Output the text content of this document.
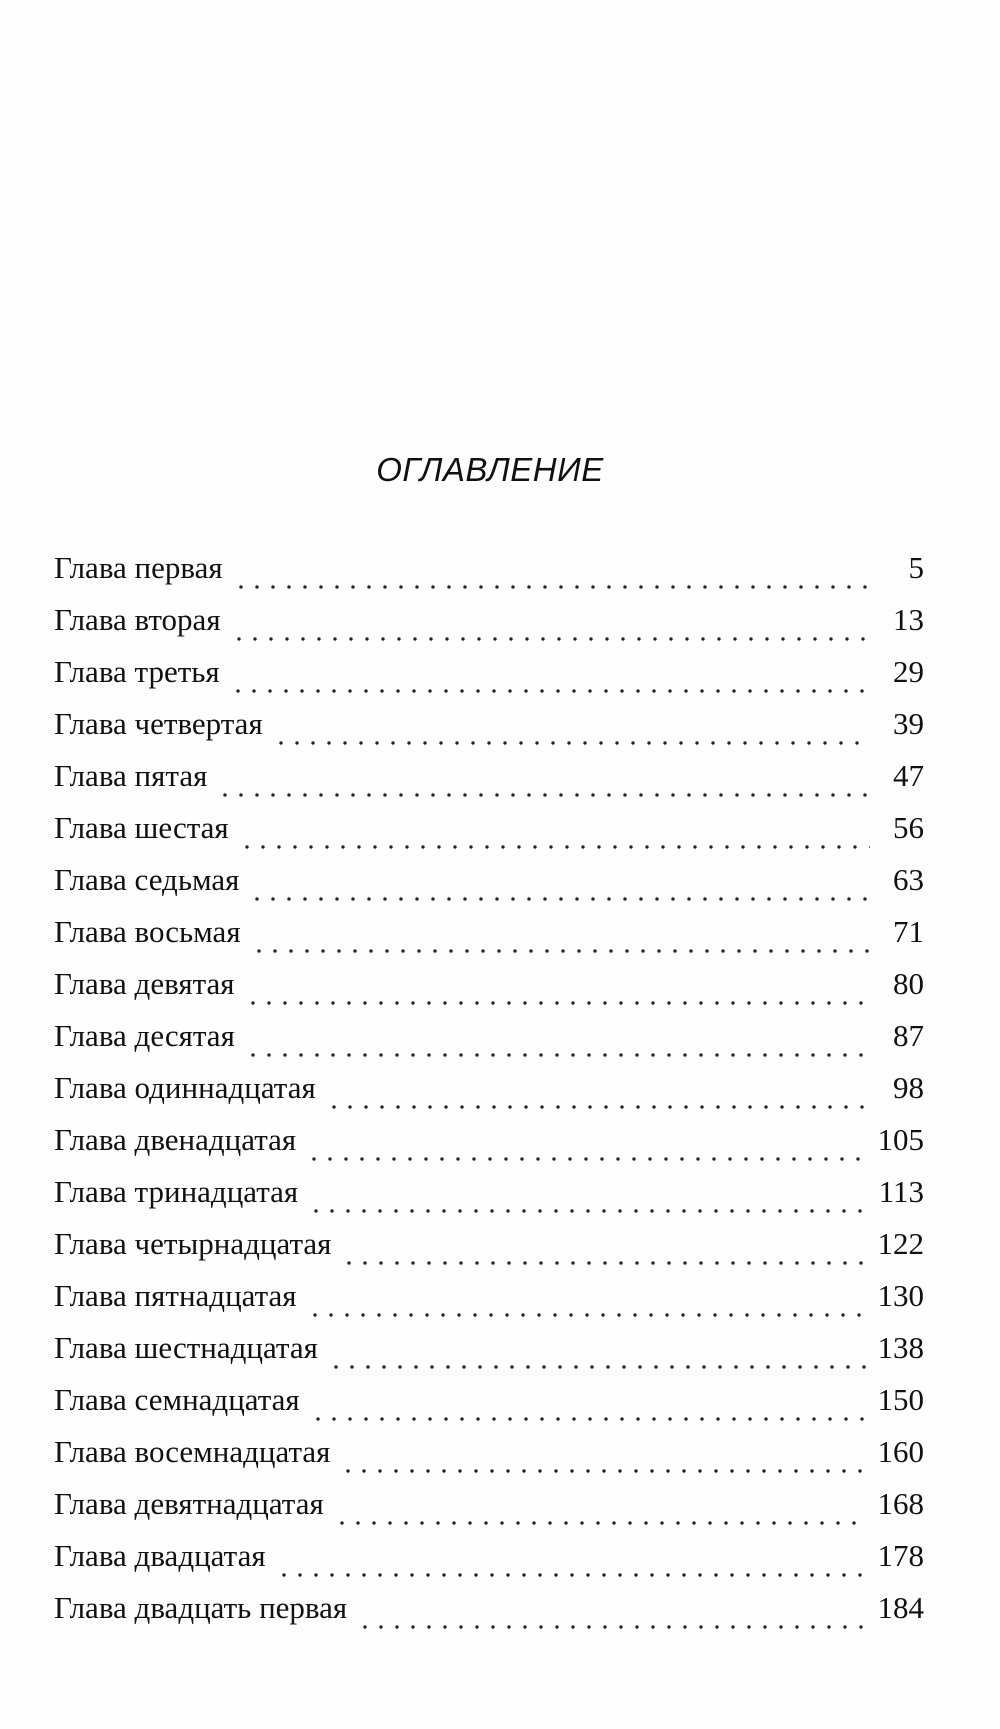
ОГЛАВЛЕНИЕ
Глава первая	5
Глава вторая	13
Глава третья	29
Глава четвертая	39
Глава пятая	47
Глава шестая	56
Глава седьмая	63
Глава восьмая	71
Глава девятая	80
Глава десятая	87
Глава одиннадцатая	98
Глава двенадцатая	105
Глава тринадцатая	113
Глава четырнадцатая	122
Глава пятнадцатая	130
Глава шестнадцатая	138
Глава семнадцатая	150
Глава восемнадцатая	160
Глава девятнадцатая	168
Глава двадцатая	178
Глава двадцать первая	184
